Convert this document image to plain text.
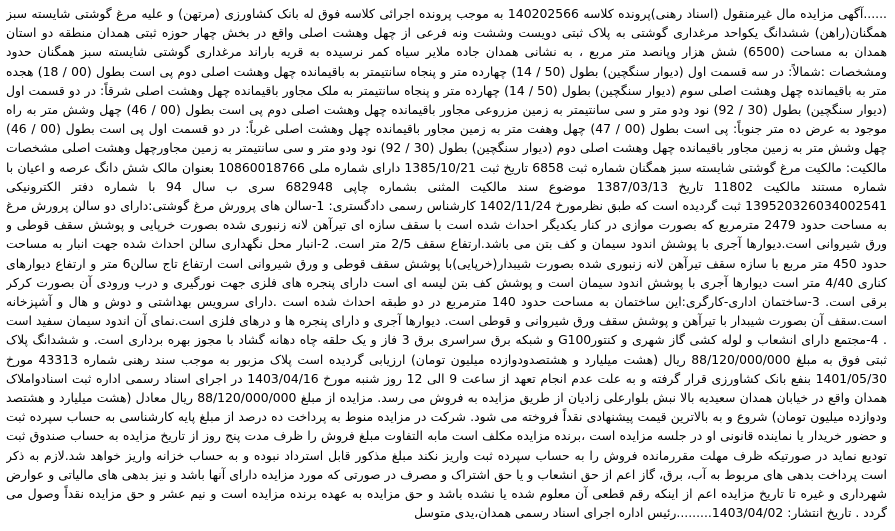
......آگهی مزایده مال غیرمنقول (اسناد رهنی)پرونده کلاسه 140202566 به موجب پرونده اجرائی کلاسه فوق له بانک کشاورزی (مرتهن) و علیه مرغ گوشتی شایسته سبز همگنان(راهن) ششدانگ یکواحد مرغداری گوشتی به پلاک ثبتی دویست وششت ونه فرعی از چهل وهشت اصلی واقع در بخش چهار حوزه ثبتی همدان منطقه دو استان همدان به مساحت (6500) شش هزار وپانصد متر مربع ، به نشانی همدان جاده ملایر سیاه کمر نرسیده به قریه باراند مرغداری گوشتی شایسته سبز همگنان حدود ومشخصات :شمالاً: در سه قسمت اول (دیوار سنگچین) بطول (50 / 14) چهارده متر و پنجاه سانتیمتر به باقیمانده چهل وهشت اصلی دوم پی است بطول (00 / 18) هجده متر به باقیمانده چهل وهشت اصلی سوم (دیوار سنگچین) بطول (50 / 14) چهارده متر و پنجاه سانتیمتر به ملک مجاور باقیمانده چهل وهشت اصلی شرقاً: در دو قسمت اول (دیوار سنگچین) بطول (30 / 92) نود ودو متر و سی سانتیمتر به زمین مزروعی مجاور باقیمانده چهل وهشت اصلی دوم پی است بطول (00 / 46) چهل وشش متر به راه موجود به عرض ده متر جنوباً: پی است بطول (00 / 47) چهل وهفت متر به زمین مجاور باقیمانده چهل وهشت اصلی غرباً: در دو قسمت اول پی است بطول (00 / 46) چهل وشش متر به زمین مجاور باقیمانده چهل وهشت اصلی دوم (دیوار سنگچین) بطول (30 / 92) نود ودو متر و سی سانتیمتر به زمین مجاورچهل وهشت اصلی مشخصات مالکیت: مالکیت مرغ گوشتی شایسته سبز همگنان شماره ثبت 6858 تاریخ ثبت 1385/10/21 دارای شماره ملی 10860018766 بعنوان مالک شش دانگ عرصه و اعیان با شماره مستند مالکیت 11802 تاریخ 1387/03/13 موضوع سند مالکیت المثنی بشماره چاپی 682948 سری ب سال 94 با شماره دفتر الکترونیکی 139520326034002541 ثبت گردیده است که طبق نظرمورخ 1402/11/24 کارشناس رسمی دادگستری: 1-سالن های پرورش مرغ گوشتی:دارای دو سالن پرورش مرغ به مساحت حدود 2479 مترمربع که بصورت موازی در کنار یکدیگر احداث شده است با سقف سازه ای تیرآهن لانه زنبوری شده بصورت خرپایی و پوشش سقف قوطی و ورق شیروانی است.دیوارها آجری با پوشش اندود سیمان و کف بتن می باشد.ارتفاع سقف 2/5 متر است. 2-انبار محل نگهداری سالن احداث شده جهت انبار به مساحت حدود 450 متر مربع با سازه سقف تیرآهن لانه زنبوری شده بصورت شیبدار(خرپایی)با پوشش سقف قوطی و ورق شیروانی است ارتفاع تاج سالن6 متر و ارتفاع دیوارهای کناری 4/40 متر است دیوارها آجری با پوشش اندود سیمان است و پوشش کف بتن لیسه ای است دارای پنجره های فلزی جهت نورگیری و درب ورودی آن بصورت کرکر برقی است. 3-ساختمان اداری-کارگری:این ساختمان به مساحت حدود 140 مترمربع در دو طبقه احداث شده است .دارای سرویس بهداشتی و دوش و هال و آشپزخانه است.سقف آن بصورت شیبدار با تیرآهن و پوشش سقف ورق شیروانی و قوطی است. دیوارها آجری و دارای پنجره ها و درهای فلزی است.نمای آن اندود سیمان سفید است . 4-مجتمع دارای انشعاب و لوله کشی گاز شهری و کنتورG100 و شبکه برق سراسری برق 3 فاز و یک حلقه چاه دهانه گشاد با مجوز بهره برداری است. و ششدانگ پلاک ثبتی فوق به مبلغ 88/120/000/000 ریال (هشت میلیارد و هشتصدودوازده میلیون تومان) ارزیابی گردیده است پلاک مزبور به موجب سند رهنی شماره 43313 مورخ 1401/05/30 بنفع بانک کشاورزی قرار گرفته و به علت عدم انجام تعهد از ساعت 9 الی 12 روز شنبه مورخ 1403/04/16 در اجرای اسناد رسمی اداره ثبت اسنادواملاک همدان واقع در خیابان همدان سعیدیه بالا نبش بلوارعلی زادیان از طریق مزایده به فروش می رسد. مزایده از مبلغ 88/120/000/000 ریال معادل (هشت میلیارد و هشتصد ودوازده میلیون تومان) شروع و به بالاترین قیمت پیشنهادی نقداً فروخته می شود. شرکت در مزایده منوط به پرداخت ده درصد از مبلغ پایه کارشناسی به حساب سپرده ثبت و حضور خریدار یا نماینده قانونی او در جلسه مزایده است ،برنده مزایده مکلف است مابه التفاوت مبلغ فروش را ظرف مدت پنج روز از تاریخ مزایده به حساب صندوق ثبت تودیع نماید در صورتیکه ظرف مهلت مقررمانده فروش را به حساب سپرده ثبت واریز نکند مبلغ مذکور قابل استرداد نبوده و به حساب خزانه واریز خواهد شد.لازم به ذکر است پرداخت بدهی های مربوط به آب، برق، گاز اعم از حق انشعاب و یا حق اشتراک و مصرف در صورتی که مورد مزایده دارای آنها باشد و نیز بدهی های مالیاتی و عوارض شهرداری و غیره تا تاریخ مزایده اعم از اینکه رقم قطعی آن معلوم شده یا نشده باشد و حق مزایده به عهده برنده مزایده است و نیم عشر و حق مزایده نقداً وصول می گردد . تاریخ انتشار: 1403/04/02.........رئیس اداره اجرای اسناد رسمی همدان،یدی متوسل
